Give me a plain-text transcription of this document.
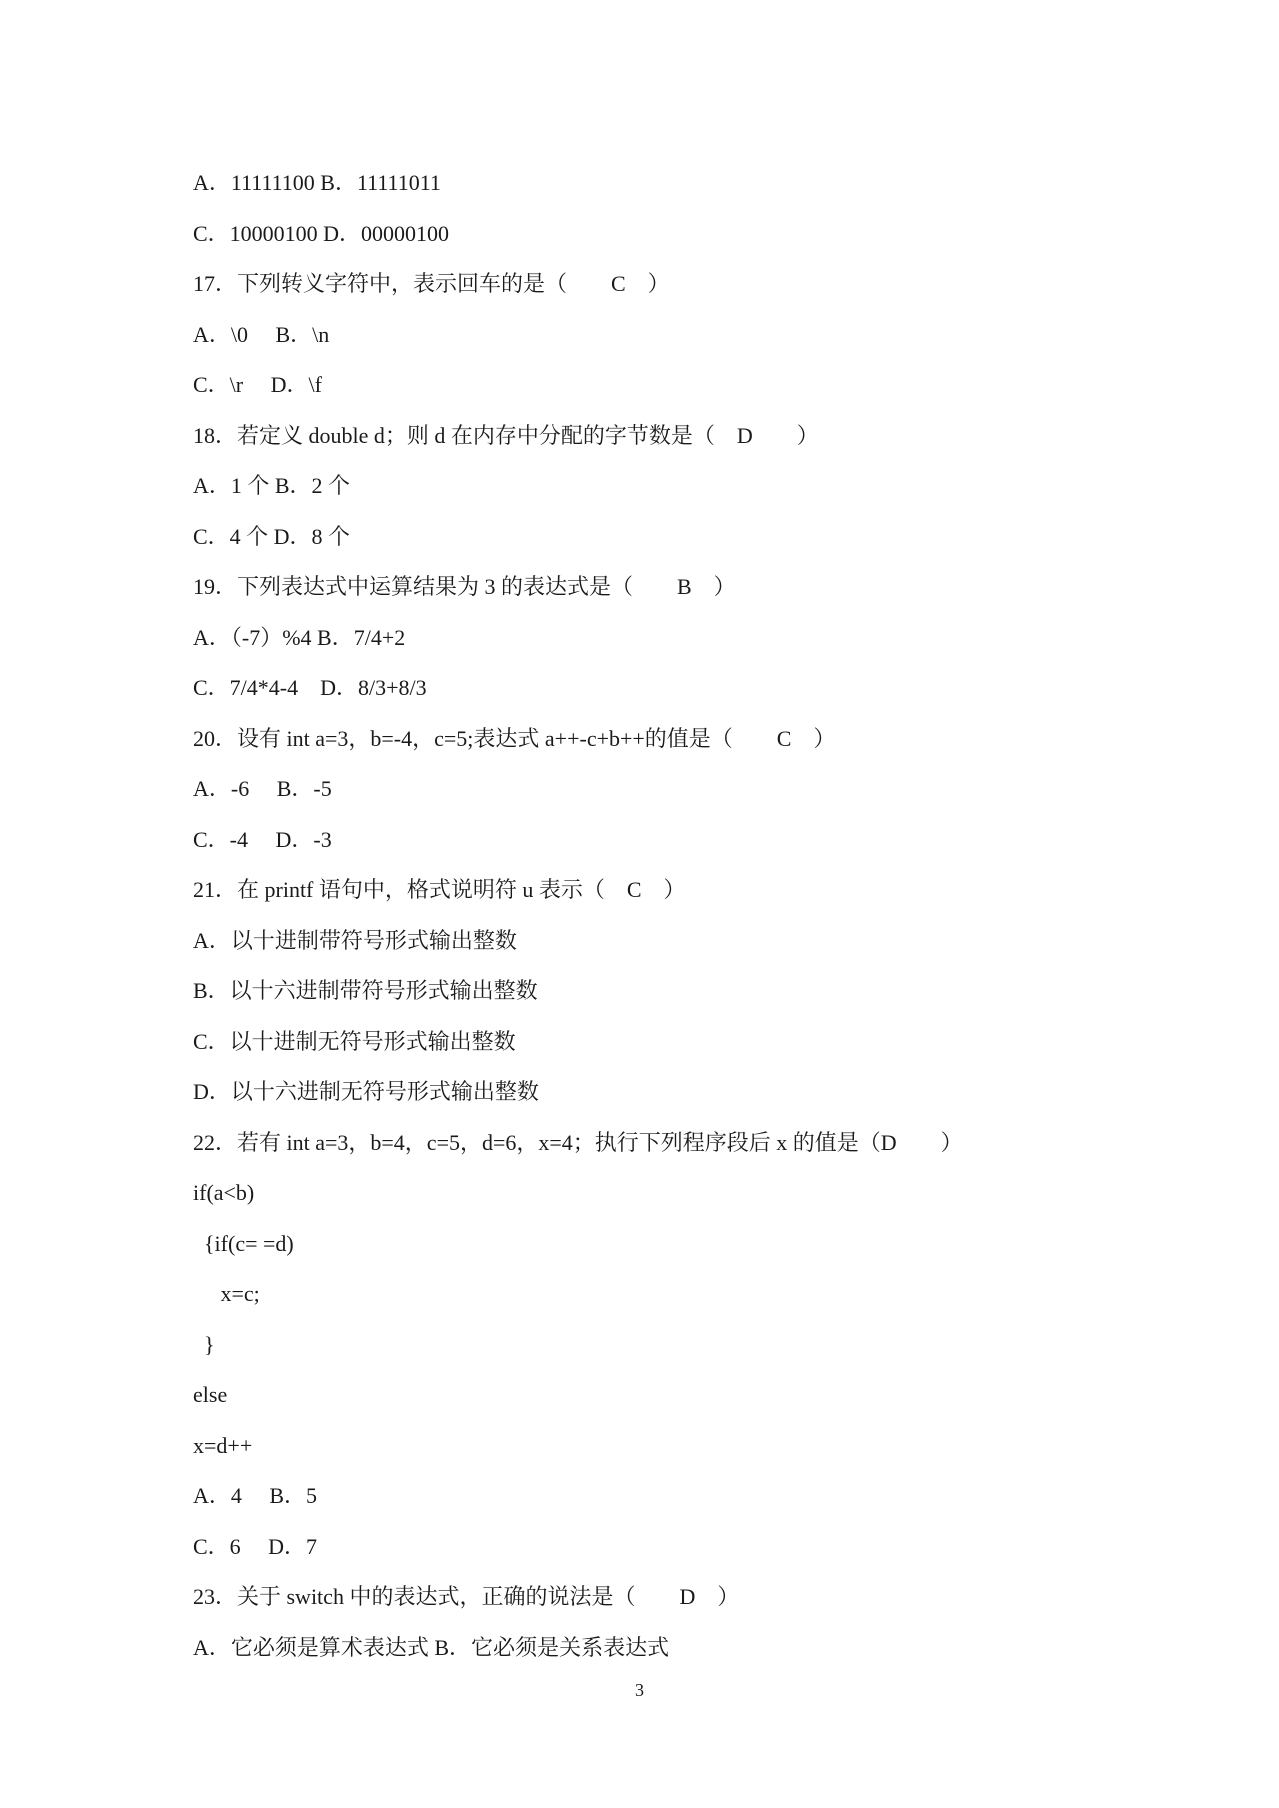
A．11111100 B．11111011
C．10000100 D．00000100
17．下列转义字符中，表示回车的是（　　C　）
A．\0　 B．\n
C．\r　 D．\f
18．若定义 double d；则 d 在内存中分配的字节数是（　D　　）
A．1 个 B．2 个
C．4 个 D．8 个
19．下列表达式中运算结果为 3 的表达式是（　　B　）
A．（-7）%4 B．7/4+2
C．7/4*4-4　D．8/3+8/3
20．设有 int a=3，b=-4，c=5;表达式 a++-c+b++的值是（　　C　）
A．-6　 B．-5
C．-4　 D．-3
21．在 printf 语句中，格式说明符 u 表示（　C　）
A．以十进制带符号形式输出整数
B．以十六进制带符号形式输出整数
C．以十进制无符号形式输出整数
D．以十六进制无符号形式输出整数
22．若有 int a=3，b=4，c=5，d=6，x=4；执行下列程序段后 x 的值是（D　　）
if(a<b)
{if(c= =d)
x=c;
}
else
x=d++
A．4　 B．5
C．6　 D．7
23．关于 switch 中的表达式，正确的说法是（　　D　）
A．它必须是算术表达式 B．它必须是关系表达式
3
